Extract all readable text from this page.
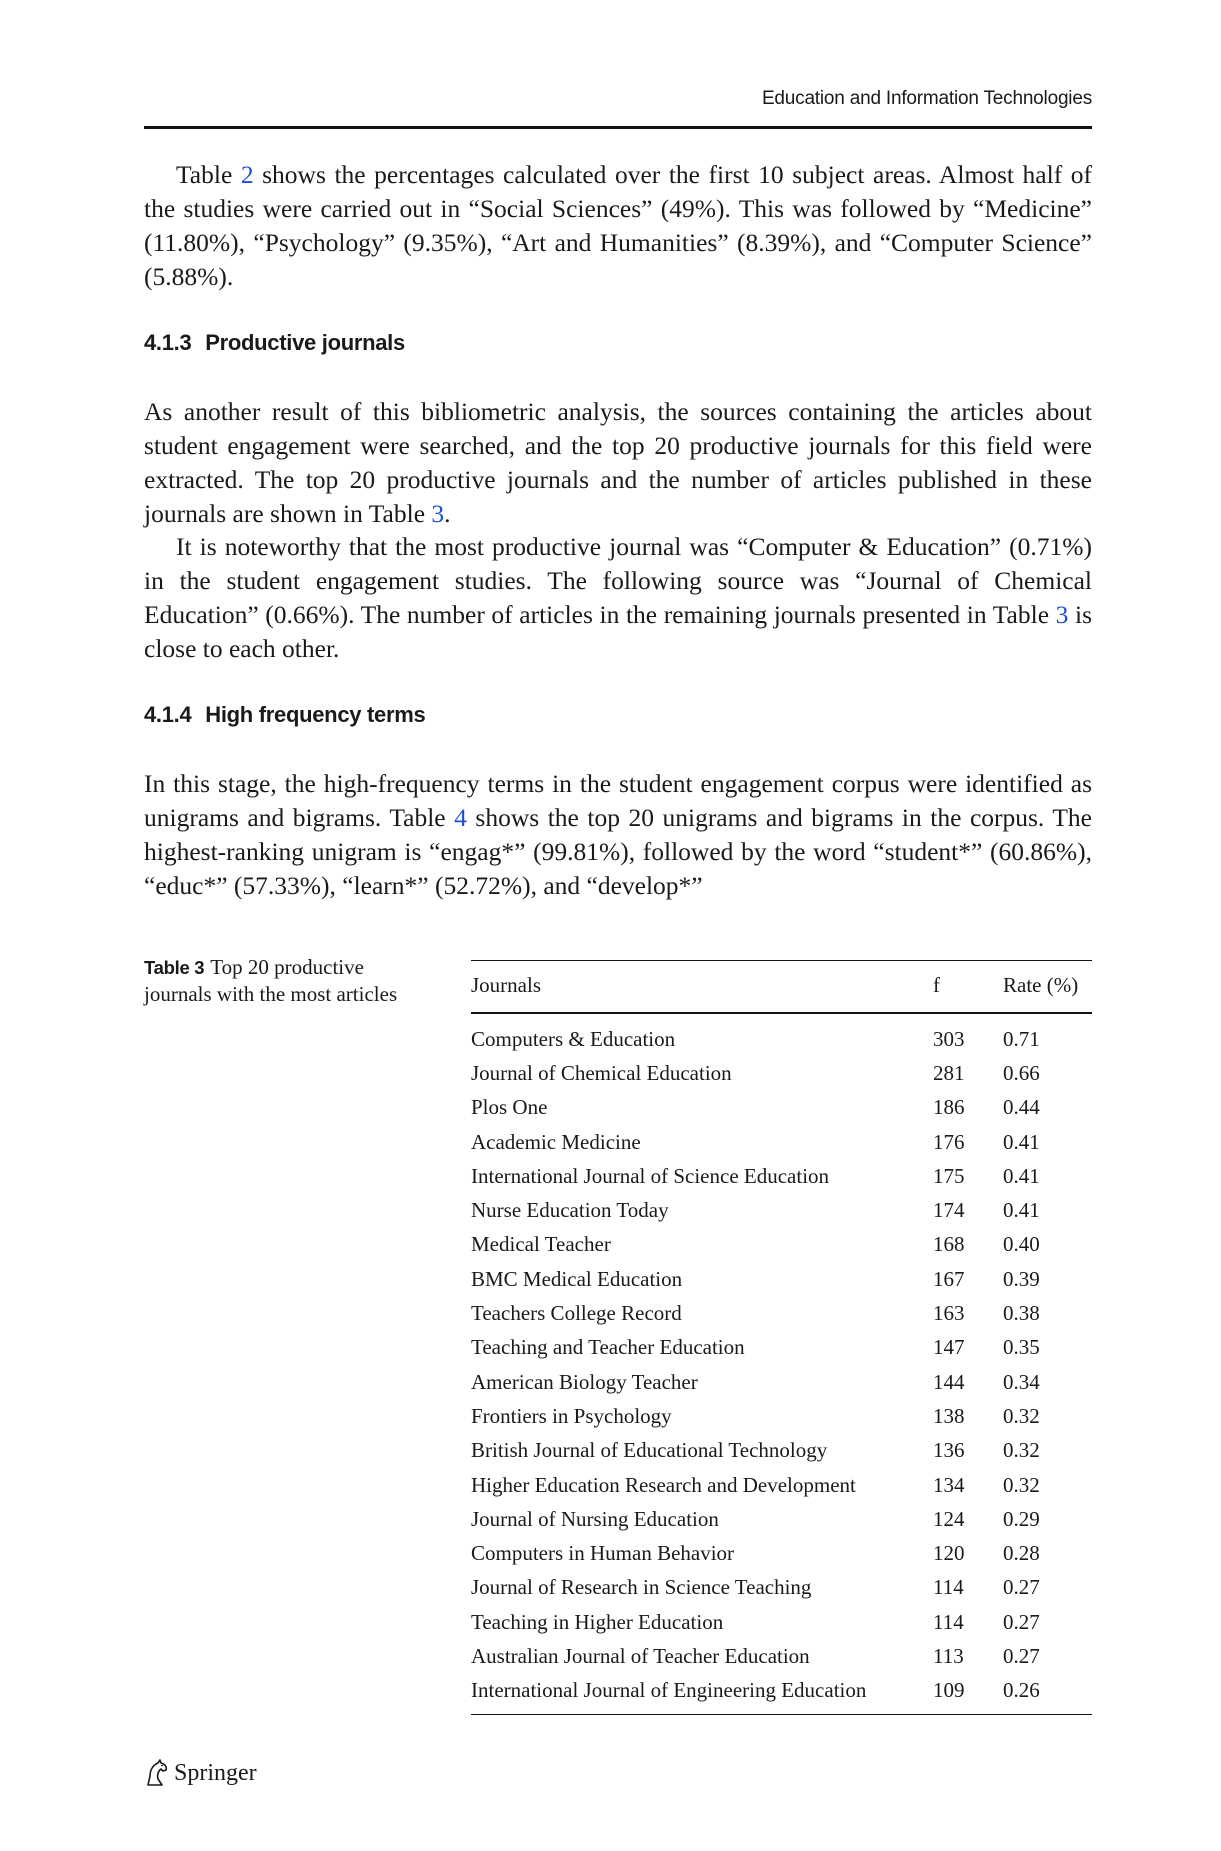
Education and Information Technologies

Table 2 shows the percentages calculated over the first 10 subject areas. Almost half of the studies were carried out in “Social Sciences” (49%). This was followed by “Medicine” (11.80%), “Psychology” (9.35%), “Art and Humanities” (8.39%), and “Computer Science” (5.88%).

4.1.3 Productive journals

As another result of this bibliometric analysis, the sources containing the articles about student engagement were searched, and the top 20 productive journals for this field were extracted. The top 20 productive journals and the number of articles published in these journals are shown in Table 3.

It is noteworthy that the most productive journal was “Computer & Education” (0.71%) in the student engagement studies. The following source was “Journal of Chemical Education” (0.66%). The number of articles in the remaining journals presented in Table 3 is close to each other.

4.1.4 High frequency terms

In this stage, the high-frequency terms in the student engagement corpus were identified as unigrams and bigrams. Table 4 shows the top 20 unigrams and bigrams in the corpus. The highest-ranking unigram is “engag*” (99.81%), followed by the word “student*” (60.86%), “educ*” (57.33%), “learn*” (52.72%), and “develop*”

Table 3 Top 20 productive journals with the most articles	Journals	f	Rate (%)
Computers & Education	303	0.71
Journal of Chemical Education	281	0.66
Plos One	186	0.44
Academic Medicine	176	0.41
International Journal of Science Education	175	0.41
Nurse Education Today	174	0.41
Medical Teacher	168	0.40
BMC Medical Education	167	0.39
Teachers College Record	163	0.38
Teaching and Teacher Education	147	0.35
American Biology Teacher	144	0.34
Frontiers in Psychology	138	0.32
British Journal of Educational Technology	136	0.32
Higher Education Research and Development	134	0.32
Journal of Nursing Education	124	0.29
Computers in Human Behavior	120	0.28
Journal of Research in Science Teaching	114	0.27
Teaching in Higher Education	114	0.27
Australian Journal of Teacher Education	113	0.27
International Journal of Engineering Education	109	0.26
Springer
